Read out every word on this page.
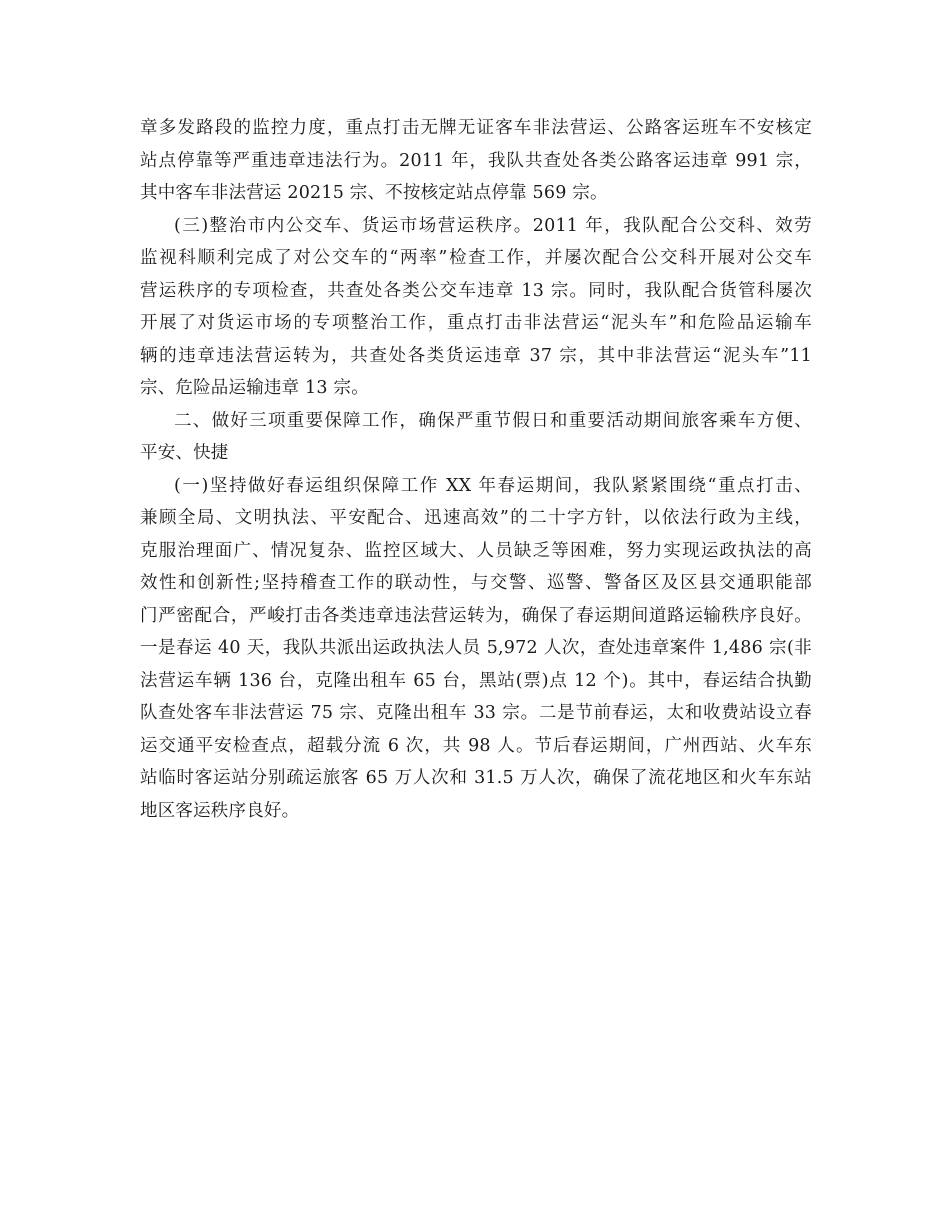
章多发路段的监控力度，重点打击无牌无证客车非法营运、公路客运班车不安核定
站点停靠等严重违章违法行为。2011 年，我队共查处各类公路客运违章 991 宗，
其中客车非法营运 20215 宗、不按核定站点停靠 569 宗。
(三)整治市内公交车、货运市场营运秩序。2011 年，我队配合公交科、效劳
监视科顺利完成了对公交车的“两率”检查工作，并屡次配合公交科开展对公交车
营运秩序的专项检查，共查处各类公交车违章 13 宗。同时，我队配合货管科屡次
开展了对货运市场的专项整治工作，重点打击非法营运“泥头车”和危险品运输车
辆的违章违法营运转为，共查处各类货运违章 37 宗，其中非法营运“泥头车”11
宗、危险品运输违章 13 宗。
二、做好三项重要保障工作，确保严重节假日和重要活动期间旅客乘车方便、
平安、快捷
(一)坚持做好春运组织保障工作 XX 年春运期间，我队紧紧围绕“重点打击、
兼顾全局、文明执法、平安配合、迅速高效”的二十字方针，以依法行政为主线，
克服治理面广、情况复杂、监控区域大、人员缺乏等困难，努力实现运政执法的高
效性和创新性;坚持稽查工作的联动性，与交警、巡警、警备区及区县交通职能部
门严密配合，严峻打击各类违章违法营运转为，确保了春运期间道路运输秩序良好。
一是春运 40 天，我队共派出运政执法人员 5,972 人次，查处违章案件 1,486 宗(非
法营运车辆 136 台，克隆出租车 65 台，黑站(票)点 12 个)。其中，春运结合执勤
队查处客车非法营运 75 宗、克隆出租车 33 宗。二是节前春运，太和收费站设立春
运交通平安检查点，超载分流 6 次，共 98 人。节后春运期间，广州西站、火车东
站临时客运站分别疏运旅客 65 万人次和 31.5 万人次，确保了流花地区和火车东站
地区客运秩序良好。
